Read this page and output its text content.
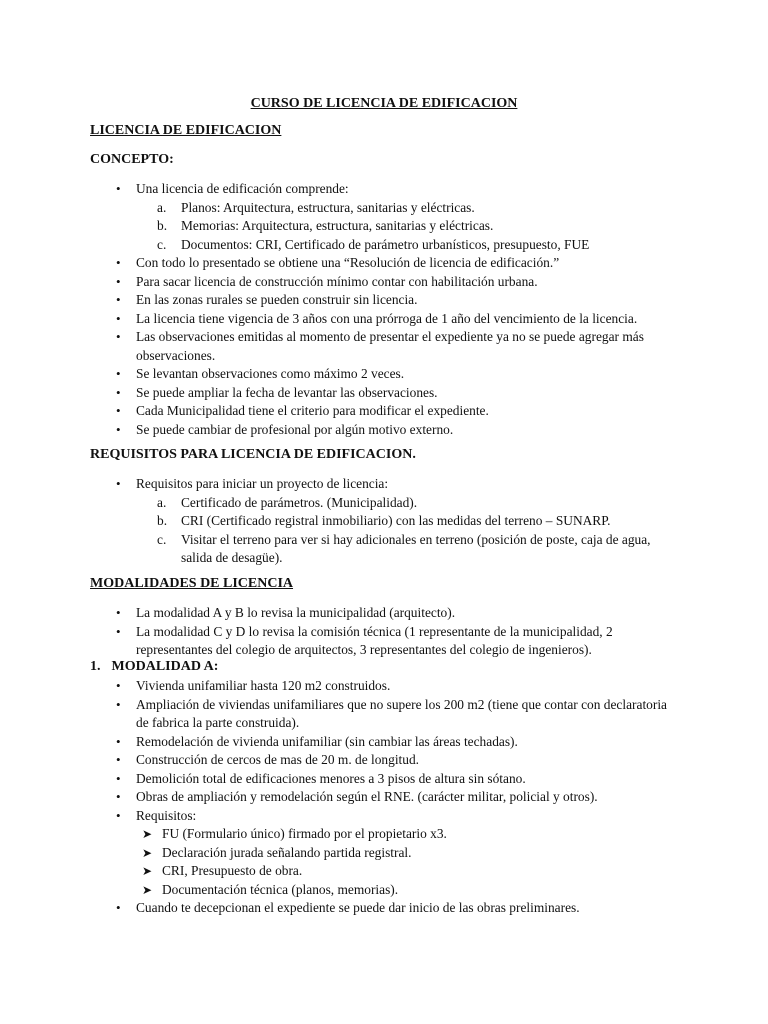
CURSO DE LICENCIA DE EDIFICACION
LICENCIA DE EDIFICACION
CONCEPTO:
• Una licencia de edificación comprende:
a. Planos: Arquitectura, estructura, sanitarias y eléctricas.
b. Memorias: Arquitectura, estructura, sanitarias y eléctricas.
c. Documentos: CRI, Certificado de parámetro urbanísticos, presupuesto, FUE
• Con todo lo presentado se obtiene una “Resolución de licencia de edificación.”
• Para sacar licencia de construcción mínimo contar con habilitación urbana.
• En las zonas rurales se pueden construir sin licencia.
• La licencia tiene vigencia de 3 años con una prórroga de 1 año del vencimiento de la licencia.
• Las observaciones emitidas al momento de presentar el expediente ya no se puede agregar más observaciones.
• Se levantan observaciones como máximo 2 veces.
• Se puede ampliar la fecha de levantar las observaciones.
• Cada Municipalidad tiene el criterio para modificar el expediente.
• Se puede cambiar de profesional por algún motivo externo.
REQUISITOS PARA LICENCIA DE EDIFICACION.
• Requisitos para iniciar un proyecto de licencia:
a. Certificado de parámetros. (Municipalidad).
b. CRI (Certificado registral inmobiliario) con las medidas del terreno – SUNARP.
c. Visitar el terreno para ver si hay adicionales en terreno (posición de poste, caja de agua, salida de desagüe).
MODALIDADES DE LICENCIA
• La modalidad A y B lo revisa la municipalidad (arquitecto).
• La modalidad C y D lo revisa la comisión técnica (1 representante de la municipalidad, 2 representantes del colegio de arquitectos, 3 representantes del colegio de ingenieros).
1. MODALIDAD A:
• Vivienda unifamiliar hasta 120 m2 construidos.
• Ampliación de viviendas unifamiliares que no supere los 200 m2 (tiene que contar con declaratoria de fabrica la parte construida).
• Remodelación de vivienda unifamiliar (sin cambiar las áreas techadas).
• Construcción de cercos de mas de 20 m. de longitud.
• Demolición total de edificaciones menores a 3 pisos de altura sin sótano.
• Obras de ampliación y remodelación según el RNE. (carácter militar, policial y otros).
• Requisitos:
➤ FU (Formulario único) firmado por el propietario x3.
➤ Declaración jurada señalando partida registral.
➤ CRI, Presupuesto de obra.
➤ Documentación técnica (planos, memorias).
• Cuando te decepcionan el expediente se puede dar inicio de las obras preliminares.
